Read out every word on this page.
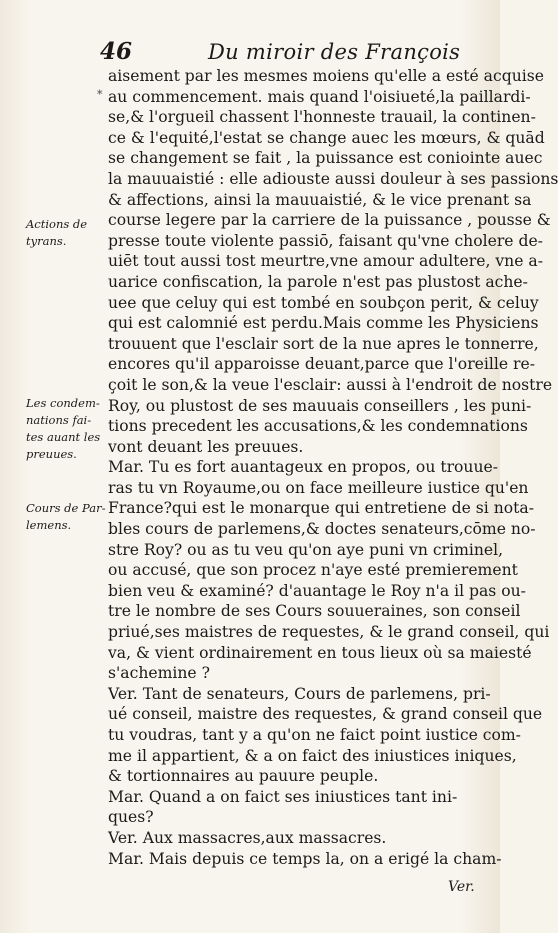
46	Du miroir des François
*
Actions de
tyrans.
Les condem-
nations fai-
tes auant les
preuues.
Cours de Par-
lemens.
aisement par les mesmes moiens qu'elle a esté acquise
au commencement. mais quand l'oisiueté,la paillardi-
se,& l'orgueil chassent l'honneste trauail, la continen-
ce & l'equité,l'estat se change auec les mœurs, & quād
se changement se fait , la puissance est coniointe auec
la mauuaistié : elle adiouste aussi douleur à ses passions
& affections, ainsi la mauuaistié, & le vice prenant sa
course legere par la carriere de la puissance , pousse &
presse toute violente passiō, faisant qu'vne cholere de-
uiēt tout aussi tost meurtre,vne amour adultere, vne a-
uarice confiscation, la parole n'est pas plustost ache-
uee que celuy qui est tombé en soubçon perit, & celuy
qui est calomnié est perdu.Mais comme les Physiciens
trouuent que l'esclair sort de la nue apres le tonnerre,
encores qu'il apparoisse deuant,parce que l'oreille re-
çoit le son,& la veue l'esclair: aussi à l'endroit de nostre
Roy, ou plustost de ses mauuais conseillers , les puni-
tions precedent les accusations,& les condemnations
vont deuant les preuues.
Mar. Tu es fort auantageux en propos, ou trouue-
ras tu vn Royaume,ou on face meilleure iustice qu'en
France?qui est le monarque qui entretiene de si nota-
bles cours de parlemens,& doctes senateurs,cōme no-
stre Roy? ou as tu veu qu'on aye puni vn criminel,
ou accusé, que son procez n'aye esté premierement
bien veu & examiné? d'auantage le Roy n'a il pas ou-
tre le nombre de ses Cours souueraines, son conseil
priué,ses maistres de requestes, & le grand conseil, qui
va, & vient ordinairement en tous lieux où sa maiesté
s'achemine ?
Ver. Tant de senateurs, Cours de parlemens, pri-
ué conseil, maistre des requestes, & grand conseil que
tu voudras, tant y a qu'on ne faict point iustice com-
me il appartient, & a on faict des iniustices iniques,
& tortionnaires au pauure peuple.
Mar. Quand a on faict ses iniustices tant ini-
ques?
Ver. Aux massacres,aux massacres.
Mar. Mais depuis ce temps la, on a erigé la cham-
Ver.
